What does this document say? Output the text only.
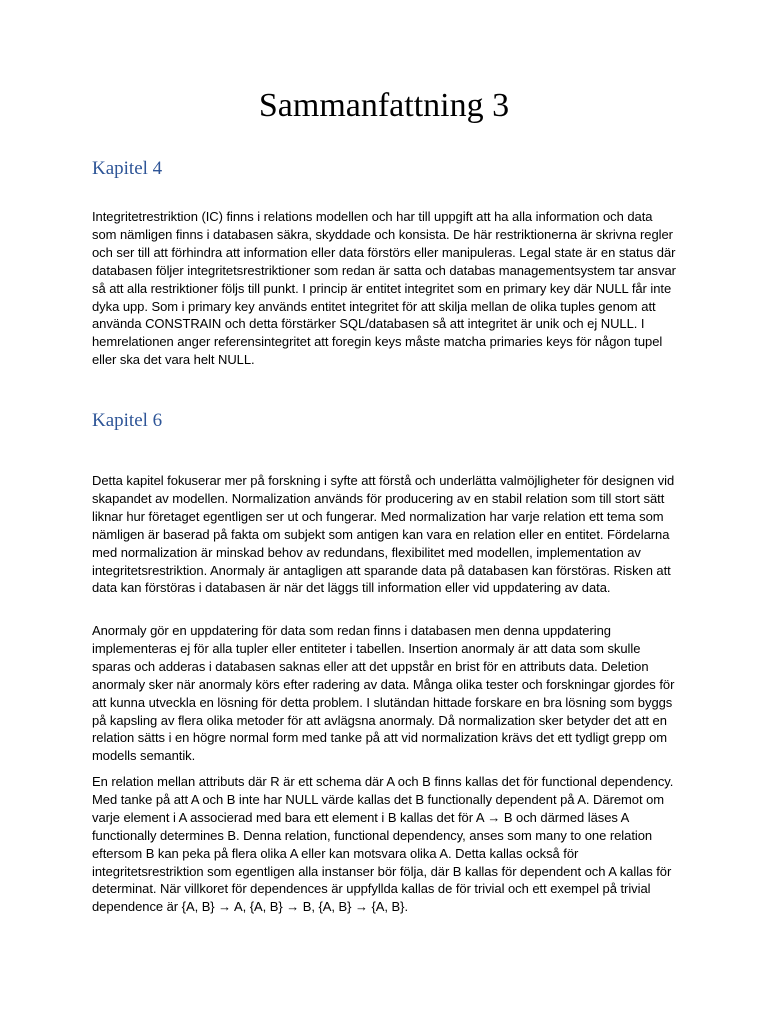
Sammanfattning 3
Kapitel 4

Integritetrestriktion (IC) finns i relations modellen och har till uppgift att ha alla information och data som nämligen finns i databasen säkra, skyddade och konsista. De här restriktionerna är skrivna regler och ser till att förhindra att information eller data förstörs eller manipuleras. Legal state är en status där databasen följer integritetsrestriktioner som redan är satta och databas managementsystem tar ansvar så att alla restriktioner följs till punkt. I princip är entitet integritet som en primary key där NULL får inte dyka upp. Som i primary key används entitet integritet för att skilja mellan de olika tuples genom att använda CONSTRAIN och detta förstärker SQL/databasen så att integritet är unik och ej NULL. I hemrelationen anger referensintegritet att foregin keys måste matcha primaries keys för någon tupel eller ska det vara helt NULL.

Kapitel 6

Detta kapitel fokuserar mer på forskning i syfte att förstå och underlätta valmöjligheter för designen vid skapandet av modellen. Normalization används för producering av en stabil relation som till stort sätt liknar hur företaget egentligen ser ut och fungerar. Med normalization har varje relation ett tema som nämligen är baserad på fakta om subjekt som antigen kan vara en relation eller en entitet. Fördelarna med normalization är minskad behov av redundans, flexibilitet med modellen, implementation av integritetsrestriktion. Anormaly är antagligen att sparande data på databasen kan förstöras. Risken att data kan förstöras i databasen är när det läggs till information eller vid uppdatering av data.

Anormaly gör en uppdatering för data som redan finns i databasen men denna uppdatering implementeras ej för alla tupler eller entiteter i tabellen. Insertion anormaly är att data som skulle sparas och adderas i databasen saknas eller att det uppstår en brist för en attributs data. Deletion anormaly sker när anormaly körs efter radering av data. Många olika tester och forskningar gjordes för att kunna utveckla en lösning för detta problem. I slutändan hittade forskare en bra lösning som byggs på kapsling av flera olika metoder för att avlägsna anormaly. Då normalization sker betyder det att en relation sätts i en högre normal form med tanke på att vid normalization krävs det ett tydligt grepp om modells semantik.

En relation mellan attributs där R är ett schema där A och B finns kallas det för functional dependency. Med tanke på att A och B inte har NULL värde kallas det B functionally dependent på A. Däremot om varje element i A associerad med bara ett element i B kallas det för A → B och därmed läses A functionally determines B. Denna relation, functional dependency, anses som many to one relation eftersom B kan peka på flera olika A eller kan motsvara olika A. Detta kallas också för integritetsrestriktion som egentligen alla instanser bör följa, där B kallas för dependent och A kallas för determinat. När villkoret för dependences är uppfyllda kallas de för trivial och ett exempel på trivial dependence är {A, B} → A, {A, B} → B, {A, B} → {A, B}.
